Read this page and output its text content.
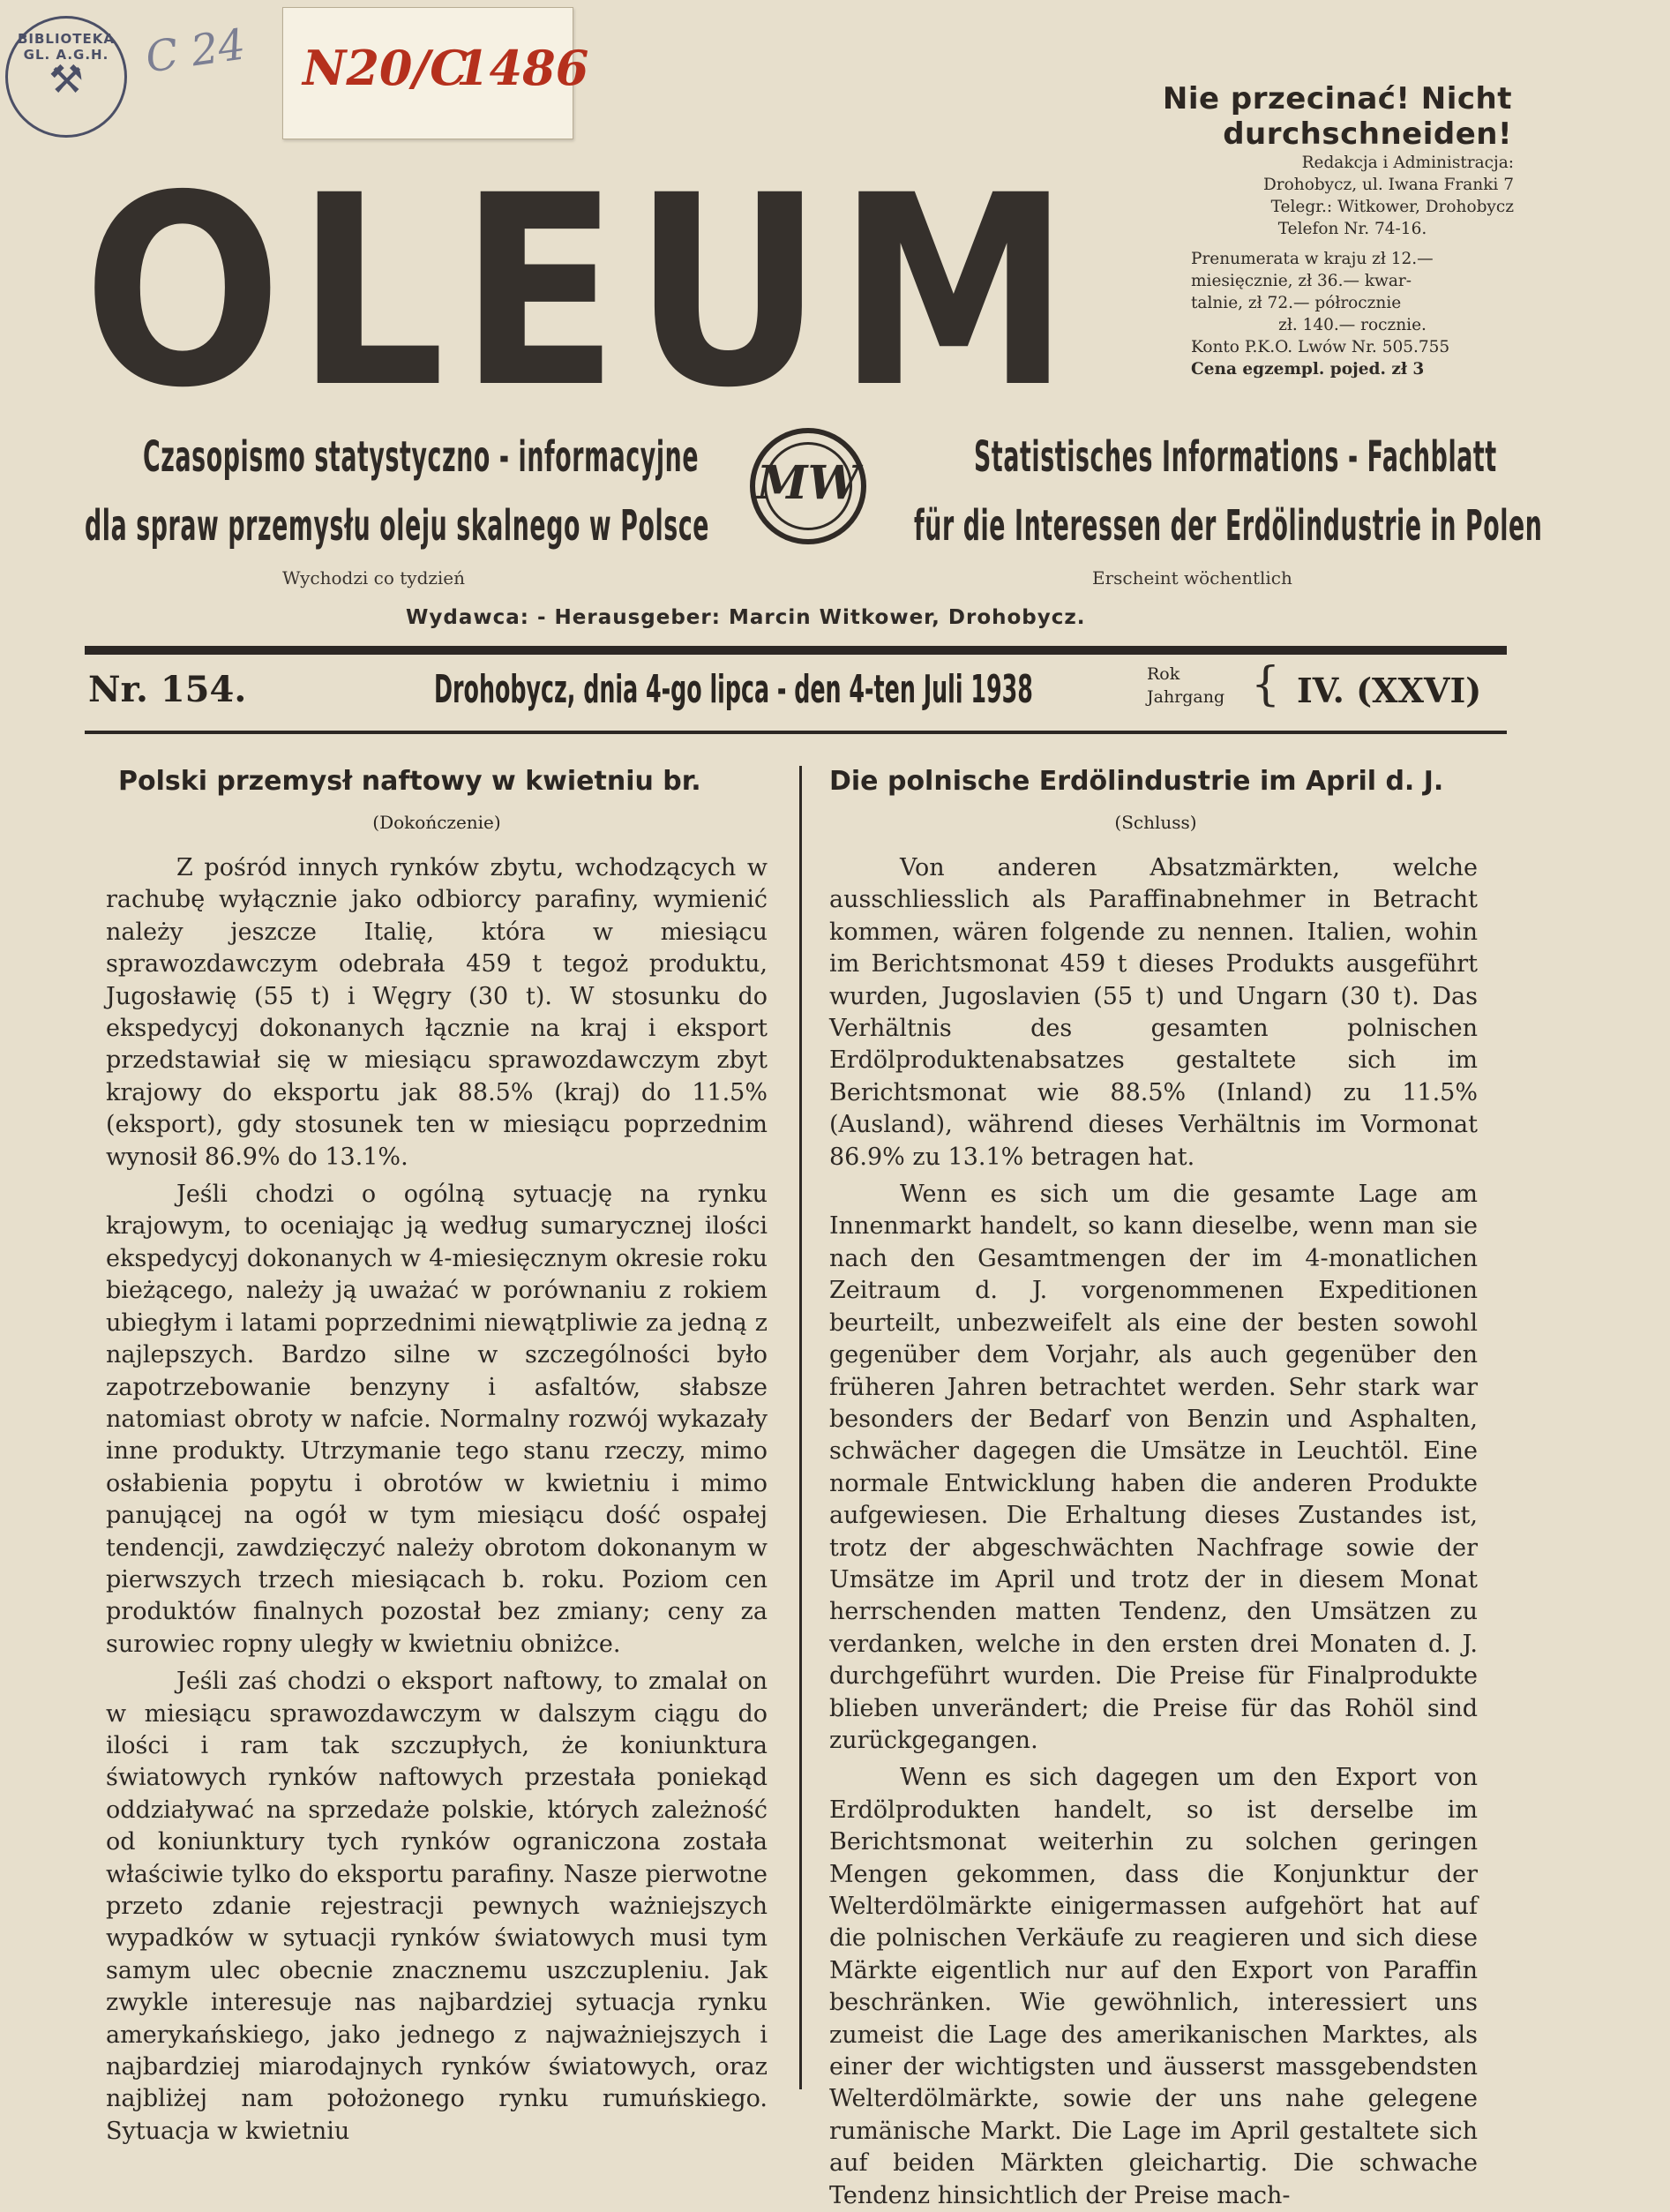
BIBLIOTEKA GL. A.G.H.
⚒	C 24 N20/C
1486
Nie przecinać! Nicht durchschneiden!
OLEUM	Redakcja i Administracja:
Drohobycz, ul. Iwana Franki 7
Telegr.: Witkower, Drohobycz
Telefon Nr. 74-16.
Prenumerata w kraju zł 12.—
miesięcznie, zł 36.— kwar-
talnie, zł 72.— półrocznie
zł. 140.— rocznie.
Konto P.K.O. Lwów Nr. 505.755
Cena egzempl. pojed. zł 3
Czasopismo statystyczno - informacyjne
dla spraw przemysłu oleju skalnego w Polsce
Wychodzi co tydzień
MW	Statistisches Informations - Fachblatt
für die Interessen der Erdölindustrie in Polen
Erscheint wöchentlich
Wydawca: - Herausgeber: Marcin Witkower, Drohobycz.
Nr. 154.	Drohobycz, dnia 4-go lipca - den 4-ten Juli 1938	Rok
Jahrgang { IV. (XXVI)
Polski przemysł naftowy w kwietniu br.
(Dokończenie)

Z pośród innych rynków zbytu, wchodzących w rachubę wyłącznie jako odbiorcy parafiny, wymienić należy jeszcze Italię, która w miesiącu sprawozdawczym odebrała 459 t tegoż produktu, Jugosławię (55 t) i Węgry (30 t). W stosunku do ekspedycyj dokonanych łącznie na kraj i eksport przedstawiał się w miesiącu sprawozdawczym zbyt krajowy do eksportu jak 88.5% (kraj) do 11.5% (eksport), gdy stosunek ten w miesiącu poprzednim wynosił 86.9% do 13.1%.

Jeśli chodzi o ogólną sytuację na rynku krajowym, to oceniając ją według sumarycznej ilości ekspedycyj dokonanych w 4-miesięcznym okresie roku bieżącego, należy ją uważać w porównaniu z rokiem ubiegłym i latami poprzednimi niewątpliwie za jedną z najlepszych. Bardzo silne w szczególności było zapotrzebowanie benzyny i asfaltów, słabsze natomiast obroty w nafcie. Normalny rozwój wykazały inne produkty. Utrzymanie tego stanu rzeczy, mimo osłabienia popytu i obrotów w kwietniu i mimo panującej na ogół w tym miesiącu dość ospałej tendencji, zawdzięczyć należy obrotom dokonanym w pierwszych trzech miesiącach b. roku. Poziom cen produktów finalnych pozostał bez zmiany; ceny za surowiec ropny uległy w kwietniu obniżce.

Jeśli zaś chodzi o eksport naftowy, to zmalał on w miesiącu sprawozdawczym w dalszym ciągu do ilości i ram tak szczupłych, że koniunktura światowych rynków naftowych przestała poniekąd oddziaływać na sprzedaże polskie, których zależność od koniunktury tych rynków ograniczona została właściwie tylko do eksportu parafiny. Nasze pierwotne przeto zdanie rejestracji pewnych ważniejszych wypadków w sytuacji rynków światowych musi tym samym ulec obecnie znacznemu uszczupleniu. Jak zwykle interesuje nas najbardziej sytuacja rynku amerykańskiego, jako jednego z najważniejszych i najbardziej miarodajnych rynków światowych, oraz najbliżej nam położonego rynku rumuńskiego. Sytuacja w kwietniu

Die polnische Erdölindustrie im April d. J.
(Schluss)

Von anderen Absatzmärkten, welche ausschliesslich als Paraffinabnehmer in Betracht kommen, wären folgende zu nennen. Italien, wohin im Berichtsmonat 459 t dieses Produkts ausgeführt wurden, Jugoslavien (55 t) und Ungarn (30 t). Das Verhältnis des gesamten polnischen Erdölproduktenabsatzes gestaltete sich im Berichtsmonat wie 88.5% (Inland) zu 11.5% (Ausland), während dieses Verhältnis im Vormonat 86.9% zu 13.1% betragen hat.

Wenn es sich um die gesamte Lage am Innenmarkt handelt, so kann dieselbe, wenn man sie nach den Gesamtmengen der im 4-monatlichen Zeitraum d. J. vorgenommenen Expeditionen beurteilt, unbezweifelt als eine der besten sowohl gegenüber dem Vorjahr, als auch gegenüber den früheren Jahren betrachtet werden. Sehr stark war besonders der Bedarf von Benzin und Asphalten, schwächer dagegen die Umsätze in Leuchtöl. Eine normale Entwicklung haben die anderen Produkte aufgewiesen. Die Erhaltung dieses Zustandes ist, trotz der abgeschwächten Nachfrage sowie der Umsätze im April und trotz der in diesem Monat herrschenden matten Tendenz, den Umsätzen zu verdanken, welche in den ersten drei Monaten d. J. durchgeführt wurden. Die Preise für Finalprodukte blieben unverändert; die Preise für das Rohöl sind zurückgegangen.

Wenn es sich dagegen um den Export von Erdölprodukten handelt, so ist derselbe im Berichtsmonat weiterhin zu solchen geringen Mengen gekommen, dass die Konjunktur der Welterdölmärkte einigermassen aufgehört hat auf die polnischen Verkäufe zu reagieren und sich diese Märkte eigentlich nur auf den Export von Paraffin beschränken. Wie gewöhnlich, interessiert uns zumeist die Lage des amerikanischen Marktes, als einer der wichtigsten und äusserst massgebendsten Welterdölmärkte, sowie der uns nahe gelegene rumänische Markt. Die Lage im April gestaltete sich auf beiden Märkten gleichartig. Die schwache Tendenz hinsichtlich der Preise mach-
